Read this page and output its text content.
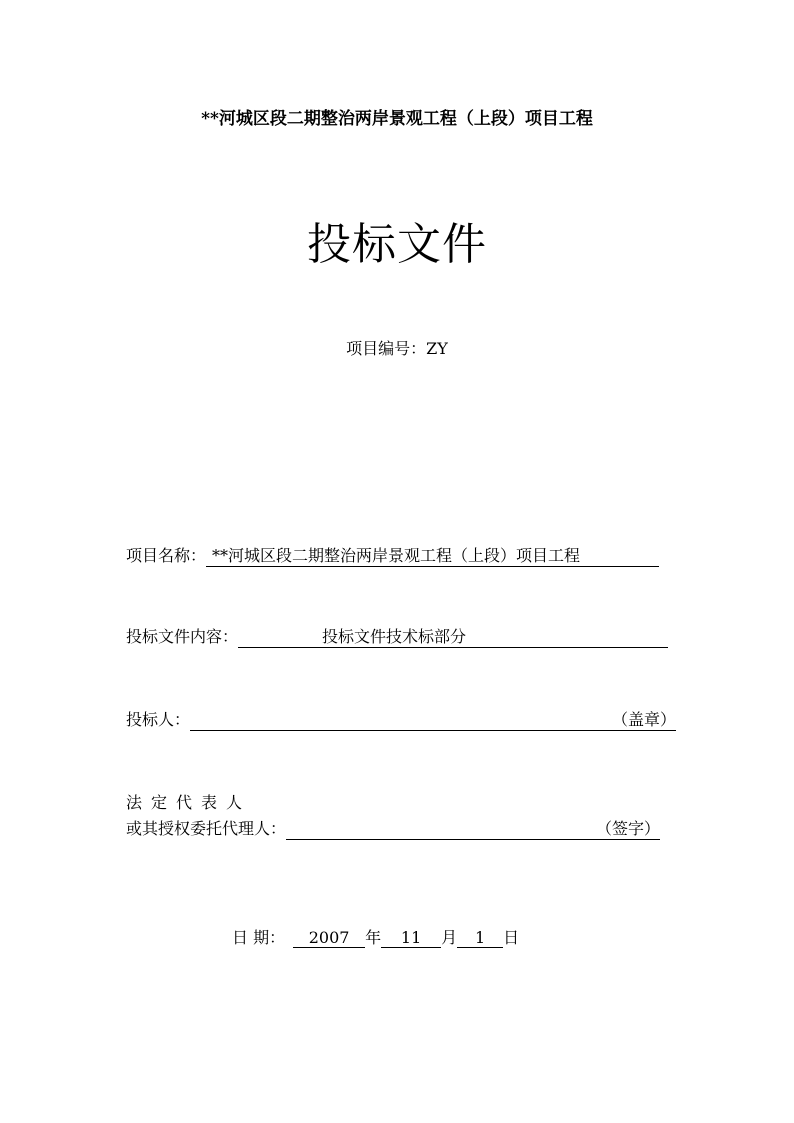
**河城区段二期整治两岸景观工程（上段）项目工程
投标文件
项目编号：ZY
项目名称： **河城区段二期整治两岸景观工程（上段）项目工程
投标文件内容：	投标文件技术标部分
投标人：	（盖章）
法定代表人
或其授权委托代理人：	（签字）
日 期： 2007 年 11 月 1 日
